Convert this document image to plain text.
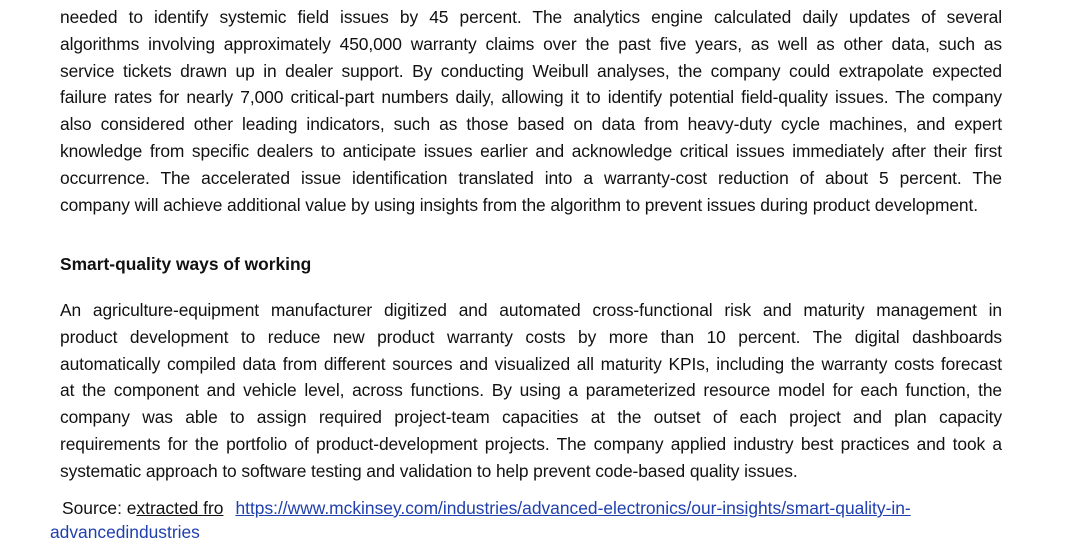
needed to identify systemic field issues by 45 percent. The analytics engine calculated daily updates of several
algorithms involving approximately 450,000 warranty claims over the past five years, as well as other data, such as
service tickets drawn up in dealer support. By conducting Weibull analyses, the company could extrapolate expected
failure rates for nearly 7,000 critical-part numbers daily, allowing it to identify potential field-quality issues. The company
also considered other leading indicators, such as those based on data from heavy-duty cycle machines, and expert
knowledge from specific dealers to anticipate issues earlier and acknowledge critical issues immediately after their first
occurrence. The accelerated issue identification translated into a warranty-cost reduction of about 5 percent. The
company will achieve additional value by using insights from the algorithm to prevent issues during product development.
Smart-quality ways of working
An agriculture-equipment manufacturer digitized and automated cross-functional risk and maturity management in
product development to reduce new product warranty costs by more than 10 percent. The digital dashboards
automatically compiled data from different sources and visualized all maturity KPIs, including the warranty costs forecast
at the component and vehicle level, across functions. By using a parameterized resource model for each function, the
company was able to assign required project-team capacities at the outset of each project and plan capacity
requirements for the portfolio of product-development projects. The company applied industry best practices and took a
systematic approach to software testing and validation to help prevent code-based quality issues.
Source: extracted fro https://www.mckinsey.com/industries/advanced-electronics/our-insights/smart-quality-in-
advancedindustries
